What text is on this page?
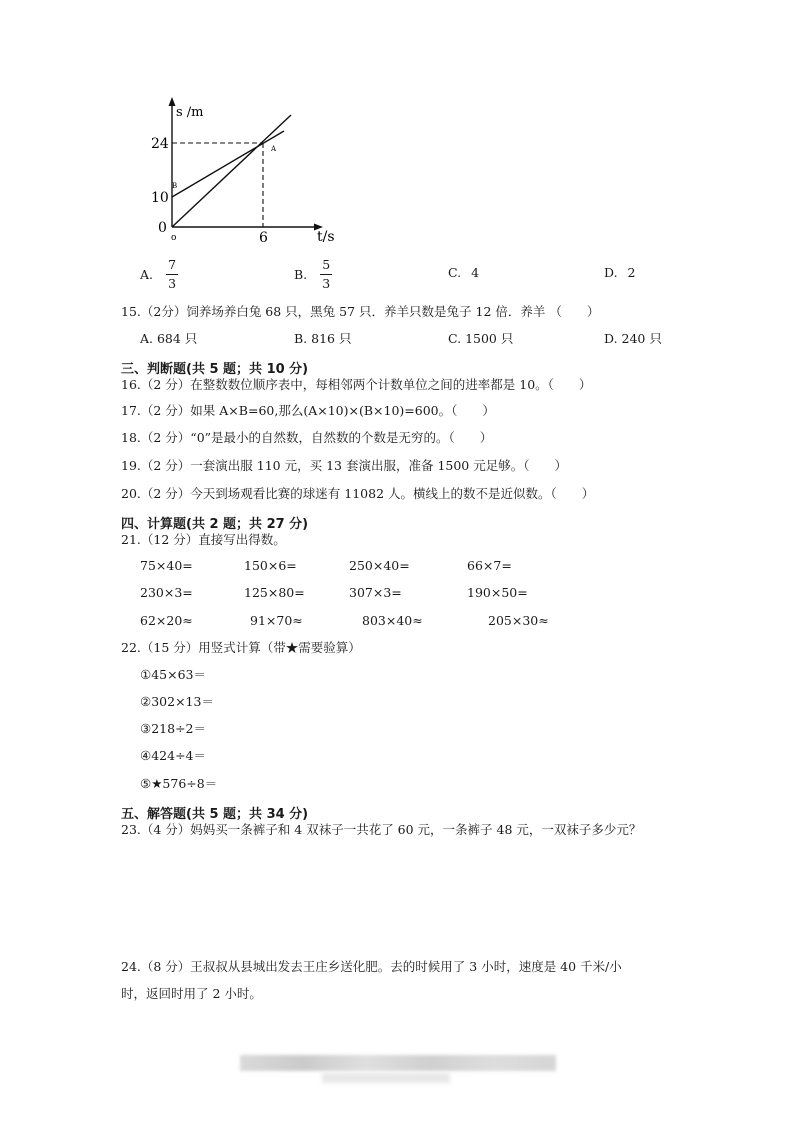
s /m
24
10
0
o	6	t/s
A
B
A. $\frac{7}{3}$	B. $\frac{5}{3}$	C. 4	D. 2
15.（2分）饲养场养白兔 68 只，黑兔 57 只．养羊只数是兔子 12 倍．养羊 （　　）
A. 684 只	B. 816 只	C. 1500 只	D. 240 只
三、判断题(共 5 题；共 10 分)
16.（2 分）在整数数位顺序表中，每相邻两个计数单位之间的进率都是 10。（　　）
17.（2 分）如果 A×B=60,那么(A×10)×(B×10)=600。（　　）
18.（2 分）“0”是最小的自然数，自然数的个数是无穷的。（　　）
19.（2 分）一套演出服 110 元，买 13 套演出服，准备 1500 元足够。（　　）
20.（2 分）今天到场观看比赛的球迷有 11082 人。横线上的数不是近似数。（　　）
四、计算题(共 2 题；共 27 分)
21.（12 分）直接写出得数。
75×40=	150×6=	250×40=	66×7=
230×3=	125×80=	307×3=	190×50=
62×20≈	91×70≈	803×40≈	205×30≈
22.（15 分）用竖式计算（带★需要验算）
①45×63＝
②302×13＝
③218÷2＝
④424÷4＝
⑤★576÷8＝
五、解答题(共 5 题；共 34 分)
23.（4 分）妈妈买一条裤子和 4 双袜子一共花了 60 元，一条裤子 48 元，一双袜子多少元？
24.（8 分）王叔叔从县城出发去王庄乡送化肥。去的时候用了 3 小时，速度是 40 千米/小
时，返回时用了 2 小时。
